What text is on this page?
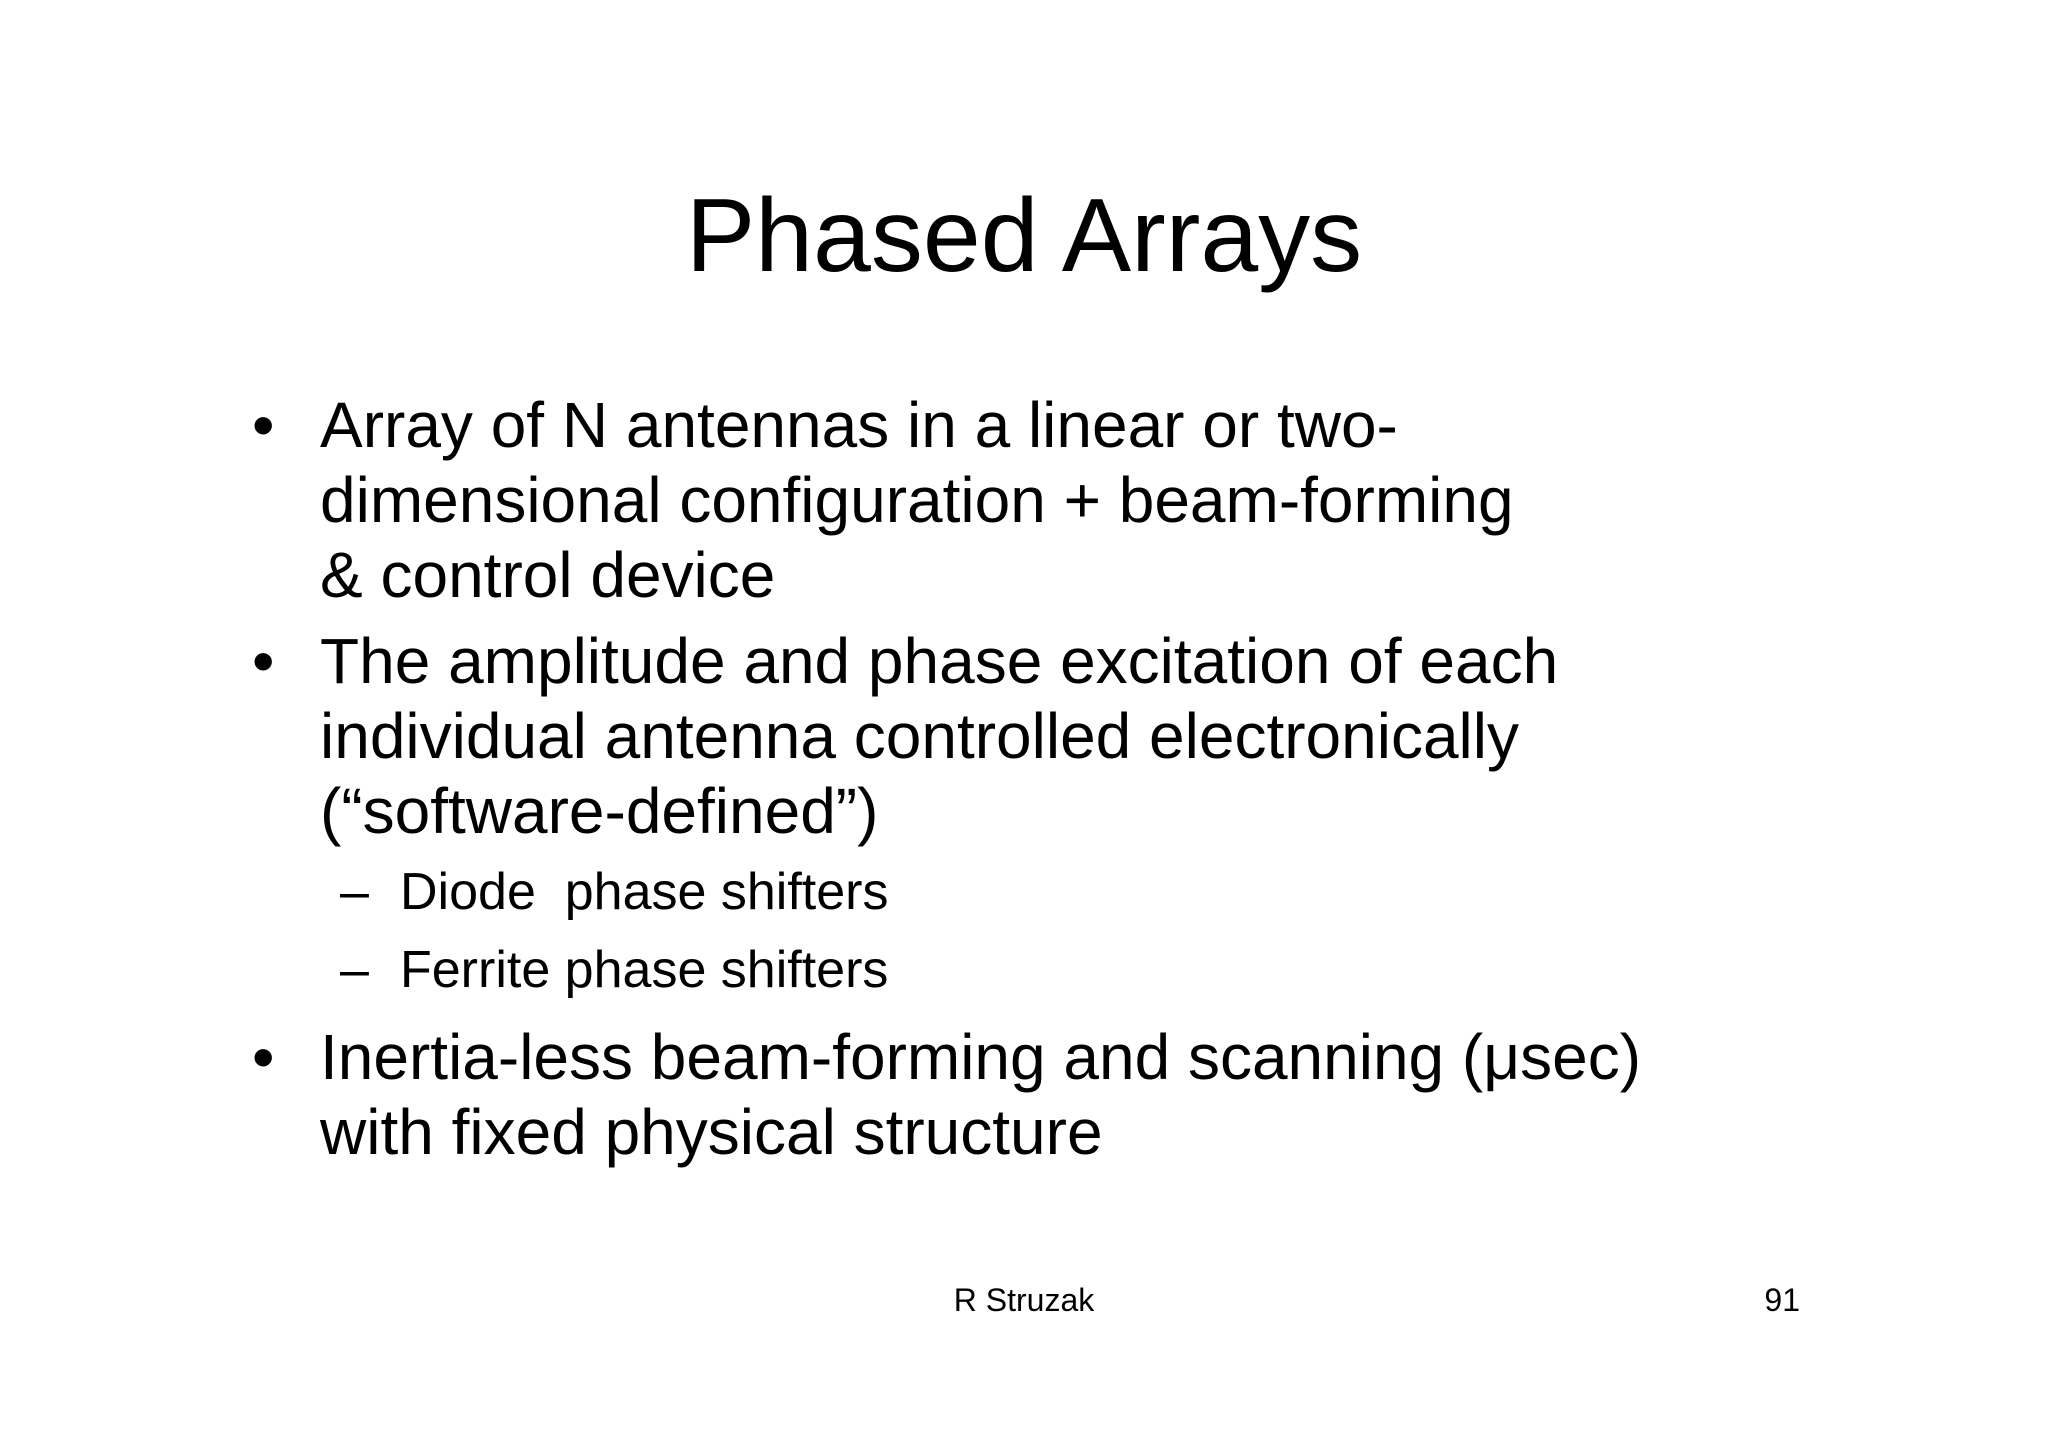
Phased Arrays
• Array of N antennas in a linear or two-
dimensional configuration + beam-forming
& control device
• The amplitude and phase excitation of each
individual antenna controlled electronically
(“software-defined”)
– Diode  phase shifters
– Ferrite phase shifters
• Inertia-less beam-forming and scanning (μsec)
with fixed physical structure
R Struzak	91
